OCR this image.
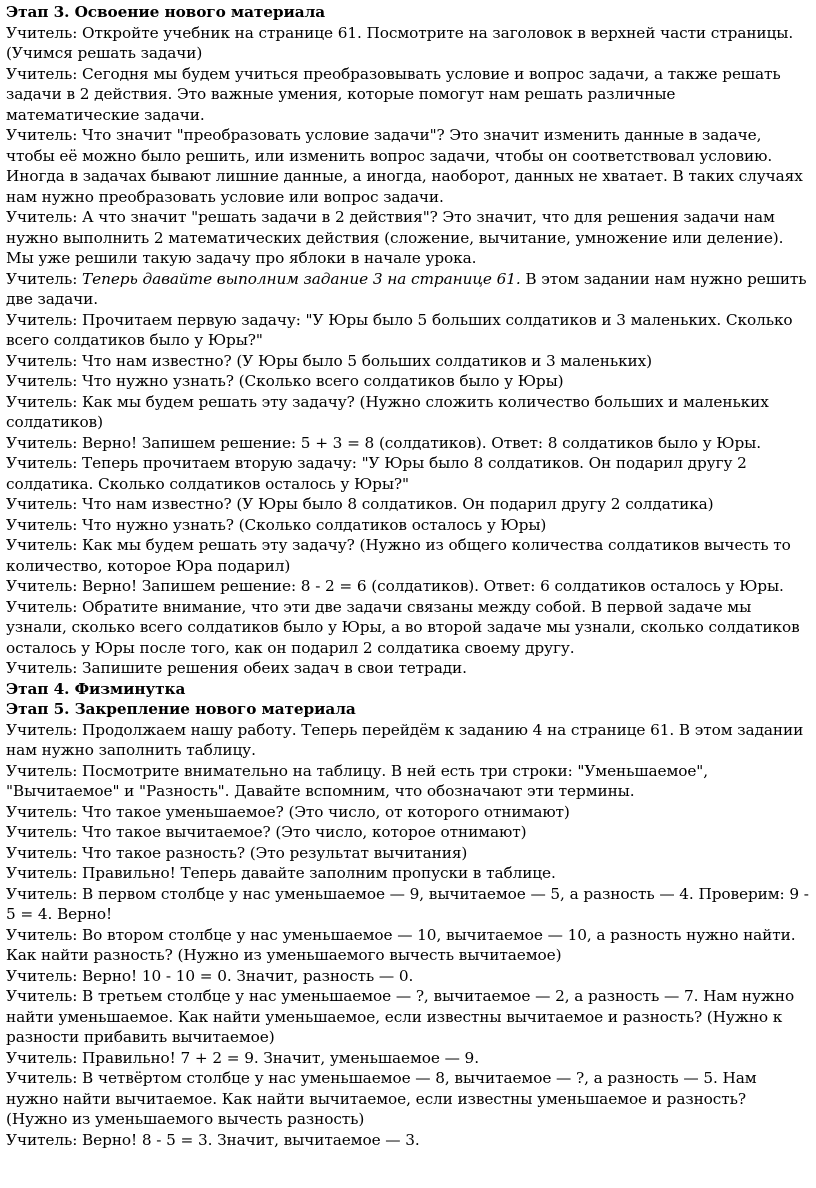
Этап 3. Освоение нового материала

Учитель: Откройте учебник на странице 61. Посмотрите на заголовок в верхней части страницы. (Учимся решать задачи)

Учитель: Сегодня мы будем учиться преобразовывать условие и вопрос задачи, а также решать задачи в 2 действия. Это важные умения, которые помогут нам решать различные математические задачи.

Учитель: Что значит "преобразовать условие задачи"? Это значит изменить данные в задаче, чтобы её можно было решить, или изменить вопрос задачи, чтобы он соответствовал условию. Иногда в задачах бывают лишние данные, а иногда, наоборот, данных не хватает. В таких случаях нам нужно преобразовать условие или вопрос задачи.

Учитель: А что значит "решать задачи в 2 действия"? Это значит, что для решения задачи нам нужно выполнить 2 математических действия (сложение, вычитание, умножение или деление). Мы уже решили такую задачу про яблоки в начале урока.

Учитель: Теперь давайте выполним задание 3 на странице 61. В этом задании нам нужно решить две задачи.

Учитель: Прочитаем первую задачу: "У Юры было 5 больших солдатиков и 3 маленьких. Сколько всего солдатиков было у Юры?"

Учитель: Что нам известно? (У Юры было 5 больших солдатиков и 3 маленьких)

Учитель: Что нужно узнать? (Сколько всего солдатиков было у Юры)

Учитель: Как мы будем решать эту задачу? (Нужно сложить количество больших и маленьких солдатиков)

Учитель: Верно! Запишем решение: 5 + 3 = 8 (солдатиков). Ответ: 8 солдатиков было у Юры.

Учитель: Теперь прочитаем вторую задачу: "У Юры было 8 солдатиков. Он подарил другу 2 солдатика. Сколько солдатиков осталось у Юры?"

Учитель: Что нам известно? (У Юры было 8 солдатиков. Он подарил другу 2 солдатика)

Учитель: Что нужно узнать? (Сколько солдатиков осталось у Юры)

Учитель: Как мы будем решать эту задачу? (Нужно из общего количества солдатиков вычесть то количество, которое Юра подарил)

Учитель: Верно! Запишем решение: 8 - 2 = 6 (солдатиков). Ответ: 6 солдатиков осталось у Юры.

Учитель: Обратите внимание, что эти две задачи связаны между собой. В первой задаче мы узнали, сколько всего солдатиков было у Юры, а во второй задаче мы узнали, сколько солдатиков осталось у Юры после того, как он подарил 2 солдатика своему другу.

Учитель: Запишите решения обеих задач в свои тетради.

Этап 4. Физминутка

Этап 5. Закрепление нового материала

Учитель: Продолжаем нашу работу. Теперь перейдём к заданию 4 на странице 61. В этом задании нам нужно заполнить таблицу.

Учитель: Посмотрите внимательно на таблицу. В ней есть три строки: "Уменьшаемое", "Вычитаемое" и "Разность". Давайте вспомним, что обозначают эти термины.

Учитель: Что такое уменьшаемое? (Это число, от которого отнимают)

Учитель: Что такое вычитаемое? (Это число, которое отнимают)

Учитель: Что такое разность? (Это результат вычитания)

Учитель: Правильно! Теперь давайте заполним пропуски в таблице.

Учитель: В первом столбце у нас уменьшаемое — 9, вычитаемое — 5, а разность — 4. Проверим: 9 - 5 = 4. Верно!

Учитель: Во втором столбце у нас уменьшаемое — 10, вычитаемое — 10, а разность нужно найти. Как найти разность? (Нужно из уменьшаемого вычесть вычитаемое)

Учитель: Верно! 10 - 10 = 0. Значит, разность — 0.

Учитель: В третьем столбце у нас уменьшаемое — ?, вычитаемое — 2, а разность — 7. Нам нужно найти уменьшаемое. Как найти уменьшаемое, если известны вычитаемое и разность? (Нужно к разности прибавить вычитаемое)

Учитель: Правильно! 7 + 2 = 9. Значит, уменьшаемое — 9.

Учитель: В четвёртом столбце у нас уменьшаемое — 8, вычитаемое — ?, а разность — 5. Нам нужно найти вычитаемое. Как найти вычитаемое, если известны уменьшаемое и разность? (Нужно из уменьшаемого вычесть разность)

Учитель: Верно! 8 - 5 = 3. Значит, вычитаемое — 3.
